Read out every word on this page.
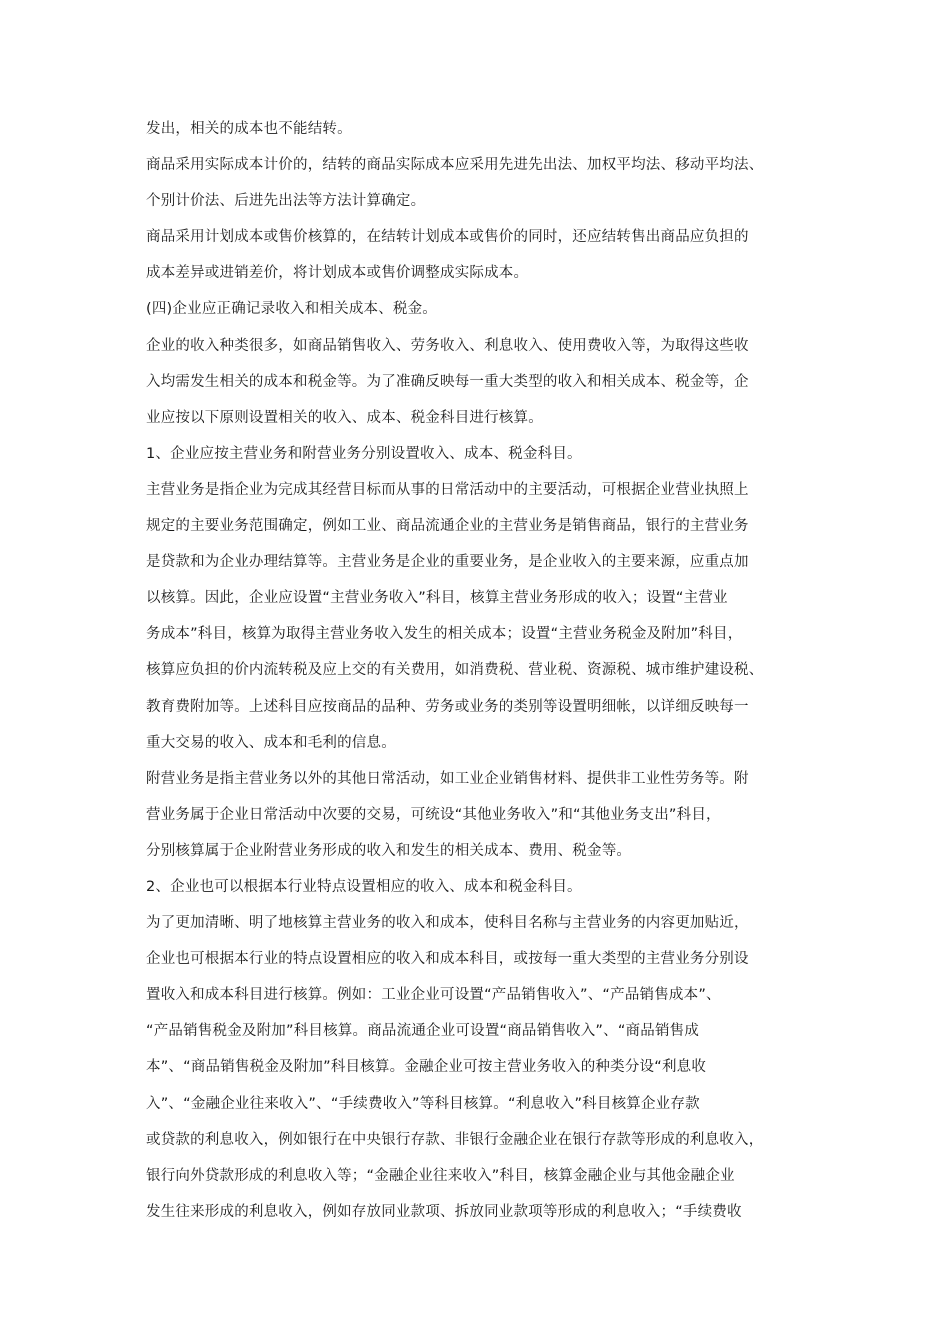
发出，相关的成本也不能结转。
商品采用实际成本计价的，结转的商品实际成本应采用先进先出法、加权平均法、移动平均法、
个别计价法、后进先出法等方法计算确定。
商品采用计划成本或售价核算的，在结转计划成本或售价的同时，还应结转售出商品应负担的
成本差异或进销差价，将计划成本或售价调整成实际成本。
(四)企业应正确记录收入和相关成本、税金。
企业的收入种类很多，如商品销售收入、劳务收入、利息收入、使用费收入等，为取得这些收
入均需发生相关的成本和税金等。为了准确反映每一重大类型的收入和相关成本、税金等，企
业应按以下原则设置相关的收入、成本、税金科目进行核算。
1、企业应按主营业务和附营业务分别设置收入、成本、税金科目。
主营业务是指企业为完成其经营目标而从事的日常活动中的主要活动，可根据企业营业执照上
规定的主要业务范围确定，例如工业、商品流通企业的主营业务是销售商品，银行的主营业务
是贷款和为企业办理结算等。主营业务是企业的重要业务，是企业收入的主要来源，应重点加
以核算。因此，企业应设置“主营业务收入”科目，核算主营业务形成的收入；设置“主营业
务成本”科目，核算为取得主营业务收入发生的相关成本；设置“主营业务税金及附加”科目，
核算应负担的价内流转税及应上交的有关费用，如消费税、营业税、资源税、城市维护建设税、
教育费附加等。上述科目应按商品的品种、劳务或业务的类别等设置明细帐，以详细反映每一
重大交易的收入、成本和毛利的信息。
附营业务是指主营业务以外的其他日常活动，如工业企业销售材料、提供非工业性劳务等。附
营业务属于企业日常活动中次要的交易，可统设“其他业务收入”和“其他业务支出”科目，
分别核算属于企业附营业务形成的收入和发生的相关成本、费用、税金等。
2、企业也可以根据本行业特点设置相应的收入、成本和税金科目。
为了更加清晰、明了地核算主营业务的收入和成本，使科目名称与主营业务的内容更加贴近，
企业也可根据本行业的特点设置相应的收入和成本科目，或按每一重大类型的主营业务分别设
置收入和成本科目进行核算。例如：工业企业可设置“产品销售收入”、“产品销售成本”、
“产品销售税金及附加”科目核算。商品流通企业可设置“商品销售收入”、“商品销售成
本”、“商品销售税金及附加”科目核算。金融企业可按主营业务收入的种类分设“利息收
入”、“金融企业往来收入”、“手续费收入”等科目核算。“利息收入”科目核算企业存款
或贷款的利息收入，例如银行在中央银行存款、非银行金融企业在银行存款等形成的利息收入，
银行向外贷款形成的利息收入等；“金融企业往来收入”科目，核算金融企业与其他金融企业
发生往来形成的利息收入，例如存放同业款项、拆放同业款项等形成的利息收入；“手续费收
